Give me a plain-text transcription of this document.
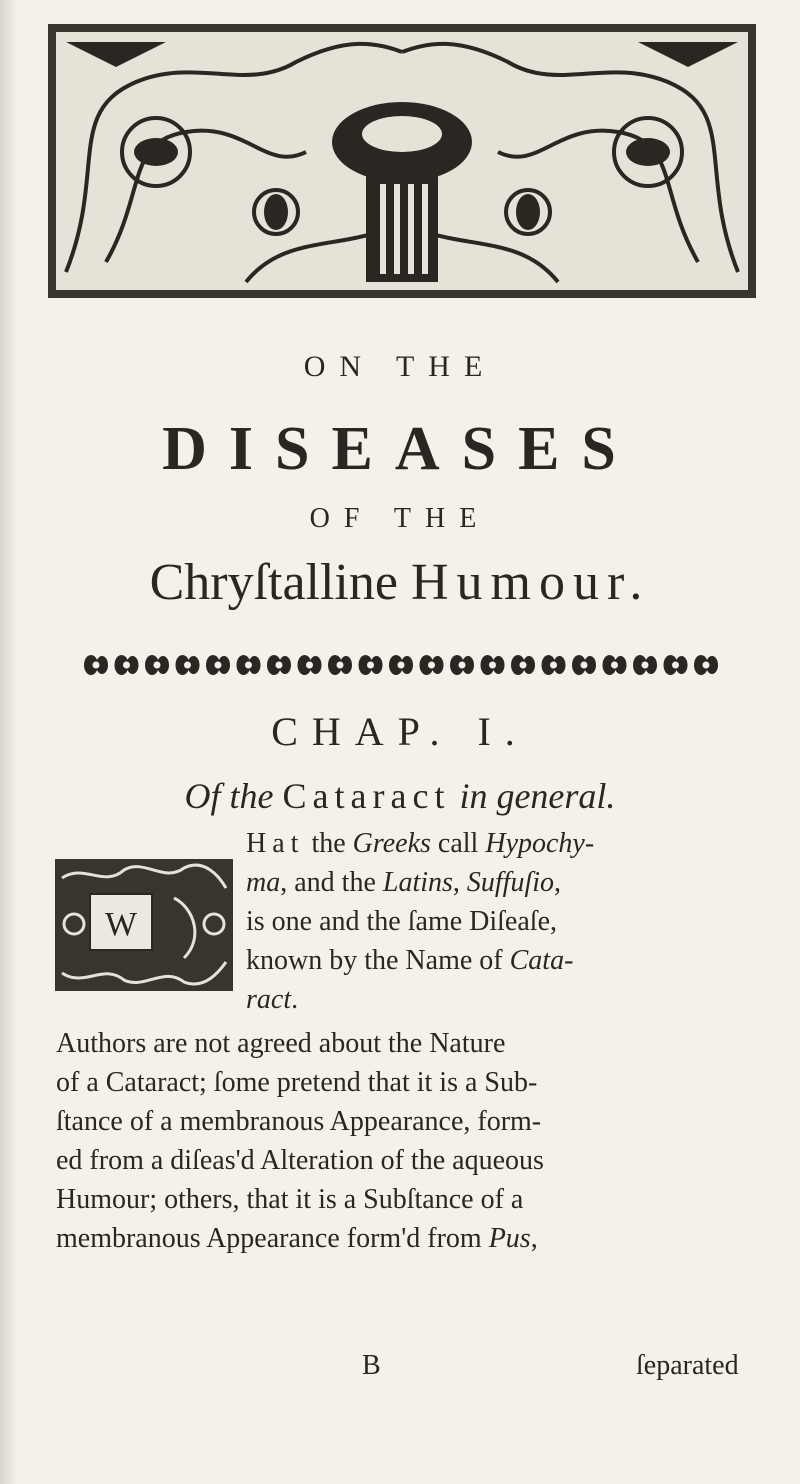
ON THE
DISEASES
OF THE
Chryſtalline Humour.
CHAP. I.
Of the Cataract in general.
W
Hat the Greeks call Hypochy-
ma, and the Latins, Suffuſio,
is one and the ſame Diſeaſe,
known by the Name of Cata-
ract.
Authors are not agreed about the Nature
of a Cataract; ſome pretend that it is a Sub-
ſtance of a membranous Appearance, form-
ed from a diſeas'd Alteration of the aqueous
Humour; others, that it is a Subſtance of a
membranous Appearance form'd from Pus,
B	ſeparated
